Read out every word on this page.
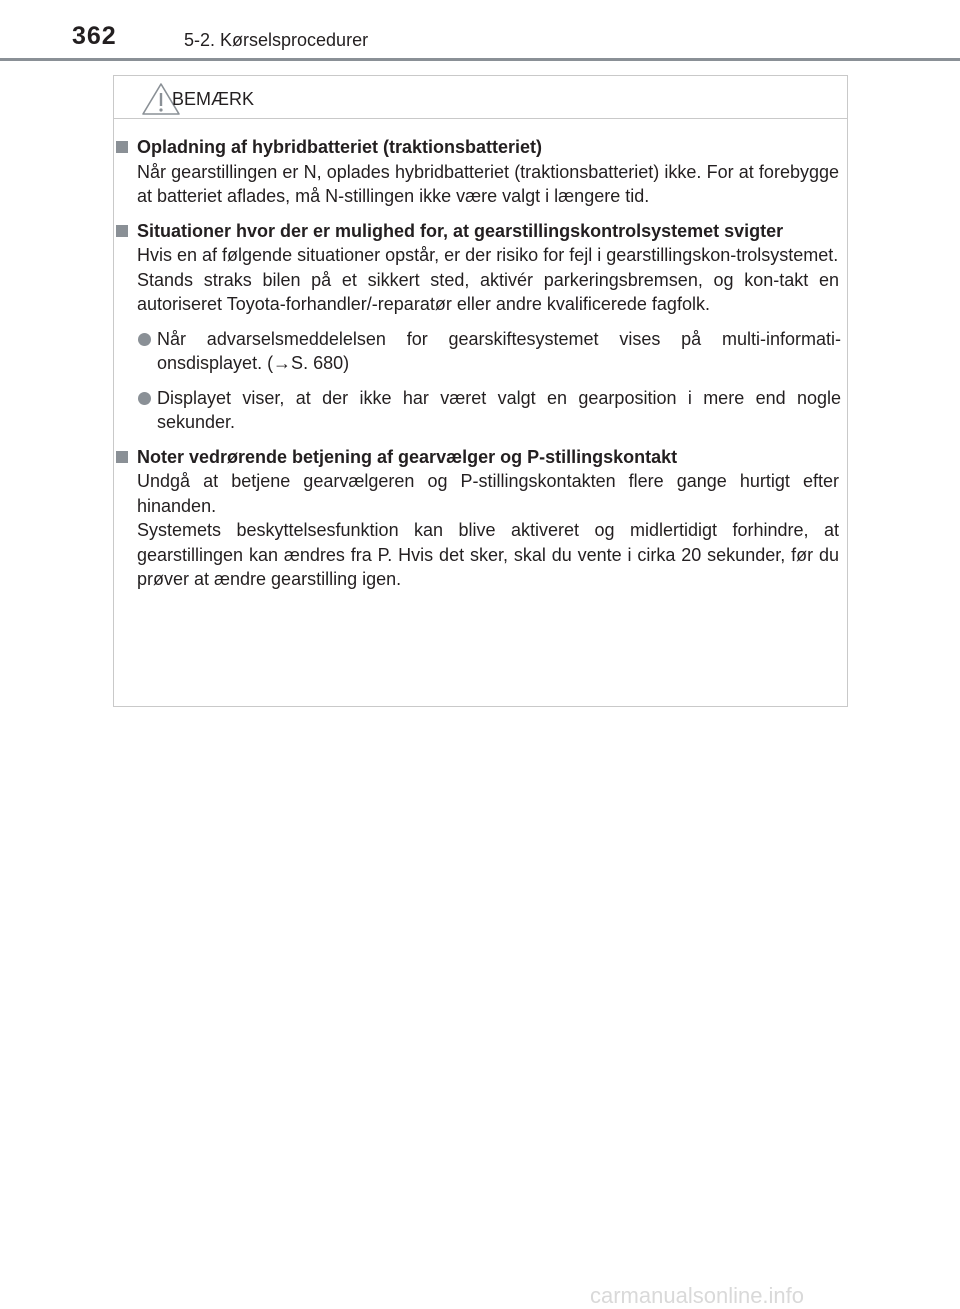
362	5-2. Kørselsprocedurer
BEMÆRK
Opladning af hybridbatteriet (traktionsbatteriet)
Når gearstillingen er N, oplades hybridbatteriet (traktionsbatteriet) ikke. For at forebygge at batteriet aflades, må N-stillingen ikke være valgt i længere tid.
Situationer hvor der er mulighed for, at gearstillingskontrolsystemet svigter
Hvis en af følgende situationer opstår, er der risiko for fejl i gearstillingskon-trolsystemet.
Stands straks bilen på et sikkert sted, aktivér parkeringsbremsen, og kon-takt en autoriseret Toyota-forhandler/-reparatør eller andre kvalificerede fagfolk.
Når advarselsmeddelelsen for gearskiftesystemet vises på multi-informati-onsdisplayet. (→S. 680)
Displayet viser, at der ikke har været valgt en gearposition i mere end nogle sekunder.
Noter vedrørende betjening af gearvælger og P-stillingskontakt
Undgå at betjene gearvælgeren og P-stillingskontakten flere gange hurtigt efter hinanden.
Systemets beskyttelsesfunktion kan blive aktiveret og midlertidigt forhindre, at gearstillingen kan ændres fra P. Hvis det sker, skal du vente i cirka 20 sekunder, før du prøver at ændre gearstilling igen.
carmanualsonline.info
